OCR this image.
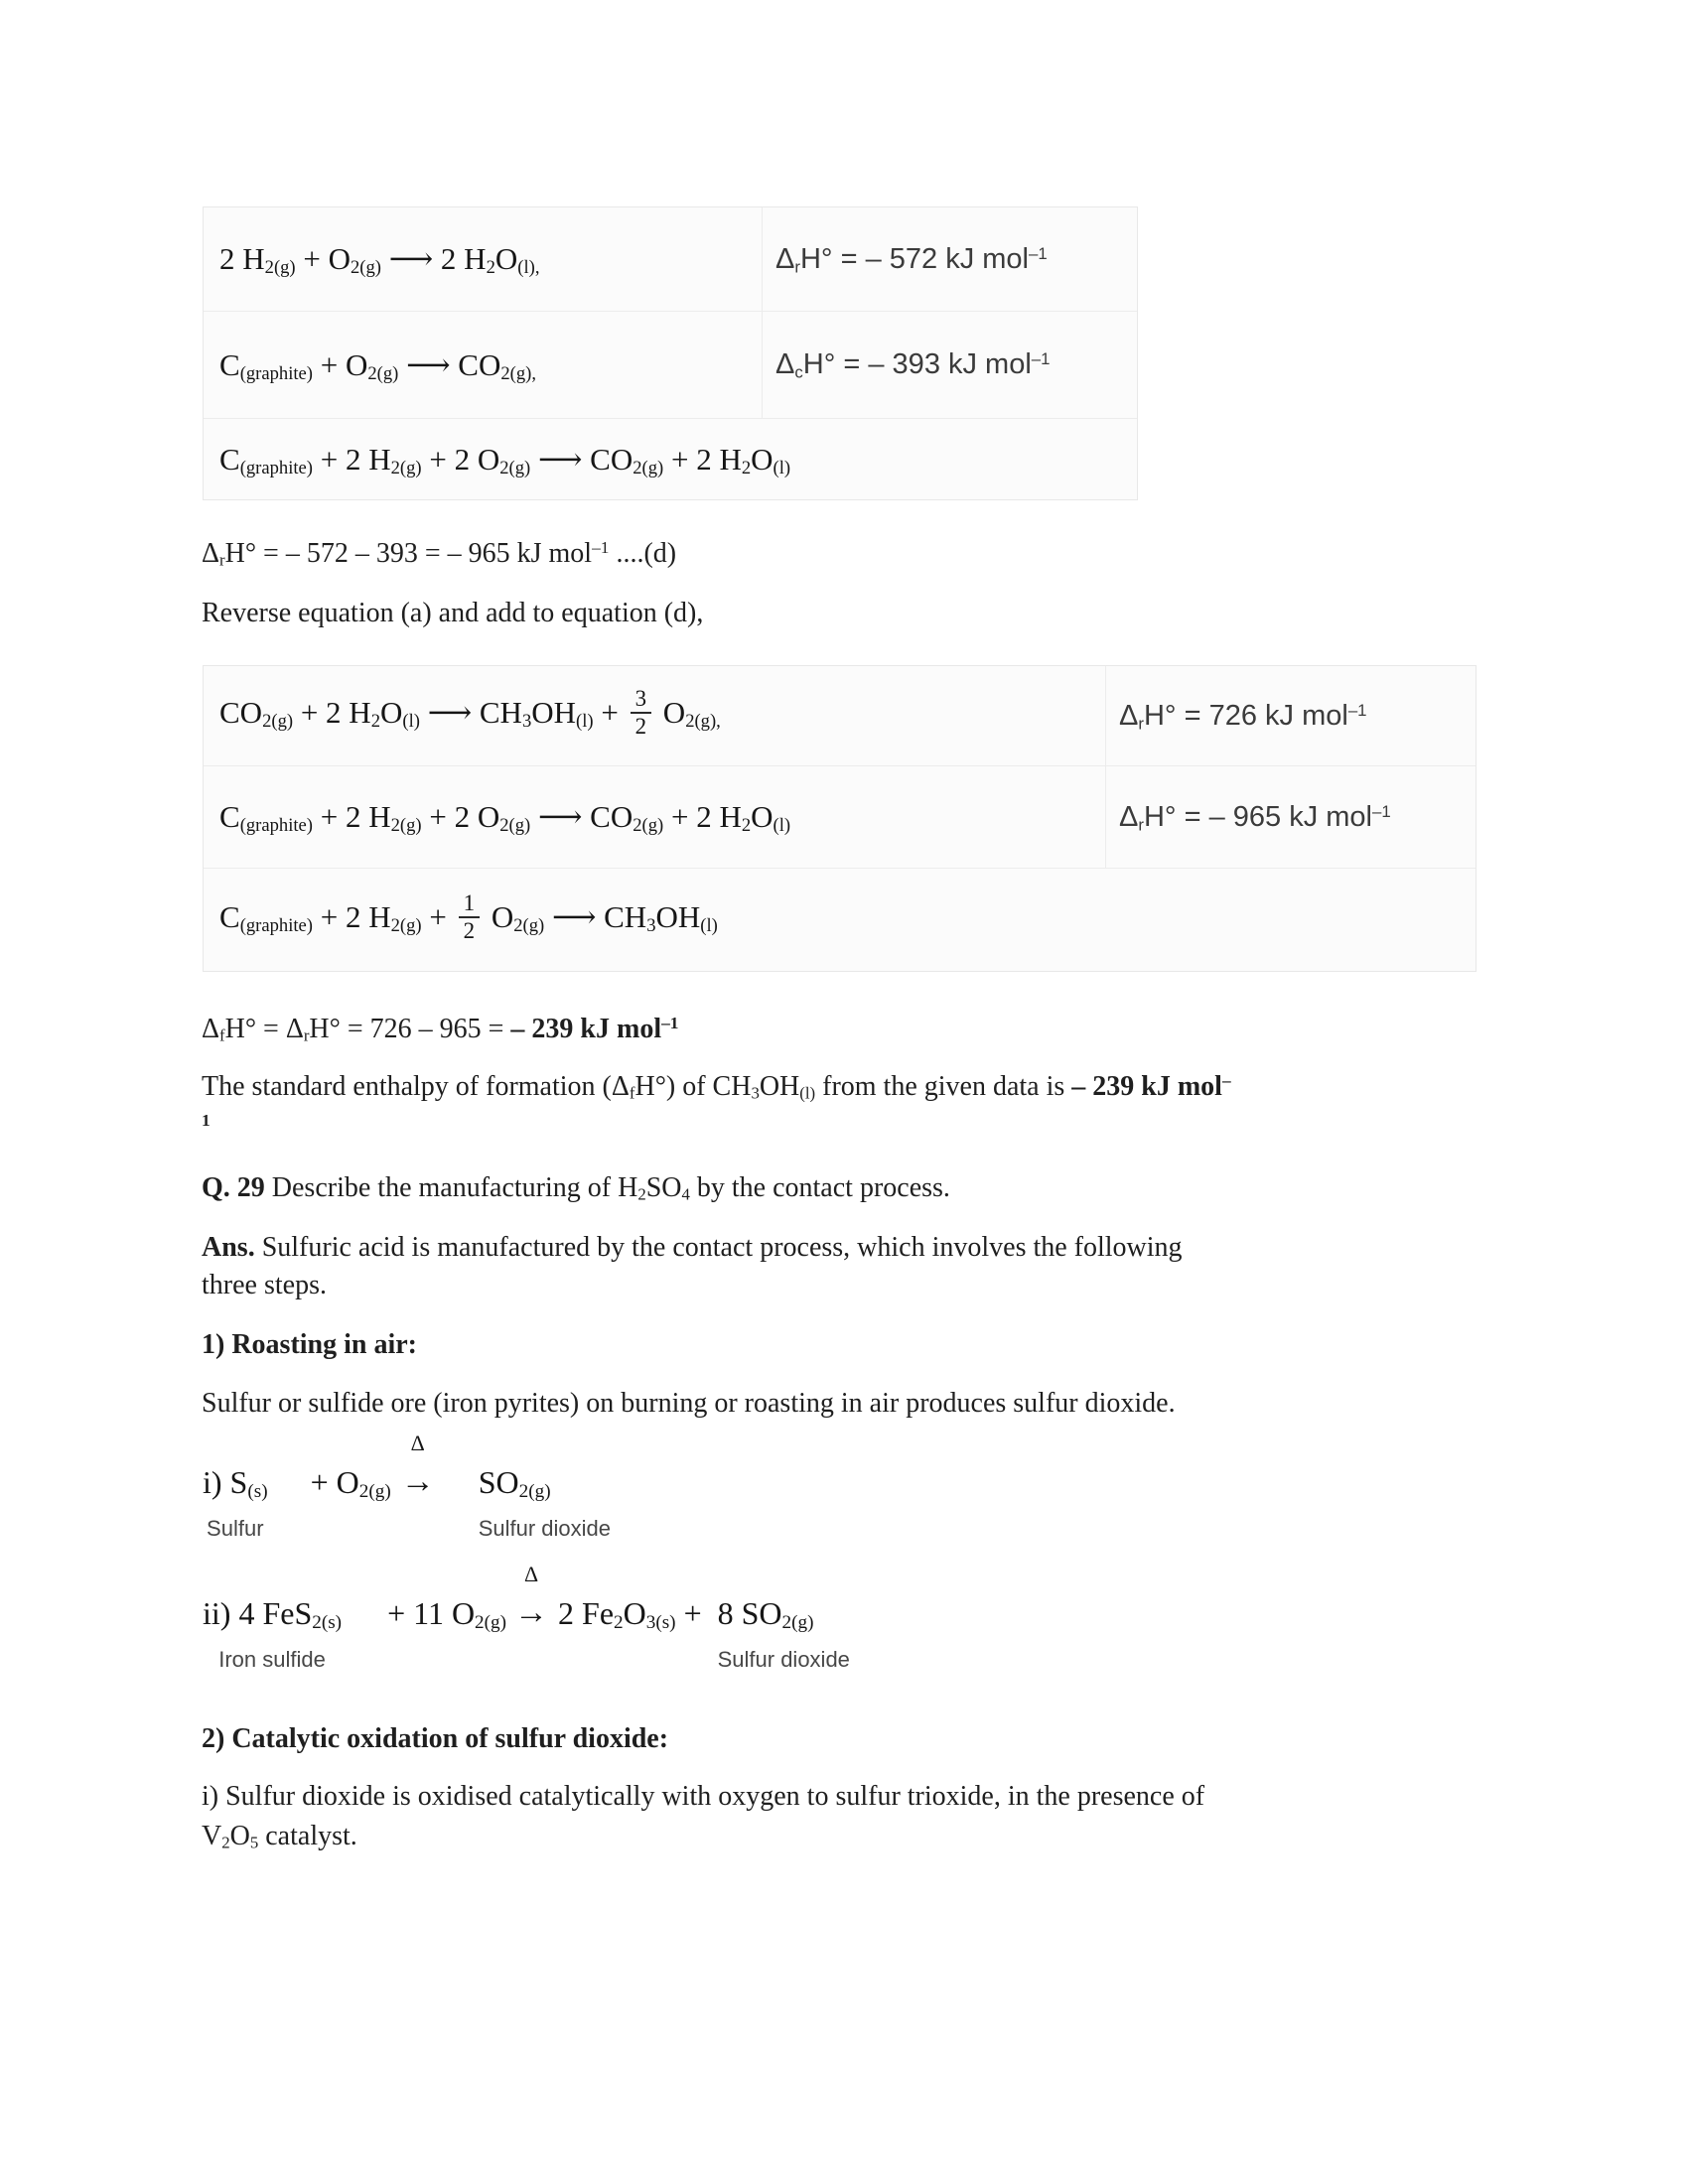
2 $H_{2(g)} + O_{2(g)}$ ⟶ 2 $H_2O_{(l),}$	$\Delta_rH^\circ$ = – 572 kJ mol$^{-1}$
$C_{(graphite)} + O_{2(g)}$ ⟶ $CO_{2(g),}$	$\Delta_cH^\circ$ = – 393 kJ mol$^{-1}$
$C_{(graphite)} + 2$ $H_{2(g)} + 2$ $O_{2(g)}$ ⟶ $CO_{2(g)} + 2$ $H_2O_{(l)}$
$\Delta_rH^\circ$ = – 572 – 393 = – 965 kJ mol$^{-1}$ ....(d)
Reverse equation (a) and add to equation (d),
$CO_{2(g)} + 2$ $H_2O_{(l)}$ ⟶ $CH_3OH_{(l)} + \frac{3}{2} O_{2(g),}$	$\Delta_rH^\circ = 726$ kJ mol$^{-1}$
$C_{(graphite)} + 2$ $H_{2(g)} + 2$ $O_{2(g)}$ ⟶ $CO_{2(g)} + 2$ $H_2O_{(l)}$	$\Delta_rH^\circ$ = – 965 kJ mol$^{-1}$
$C_{(graphite)} + 2$ $H_{2(g)} + \frac{1}{2} O_{2(g)}$ ⟶ $CH_3OH_{(l)}$
$\Delta_fH^\circ = \Delta_rH^\circ = 726 - 965$ = – 239 kJ mol$^{-1}$
The standard enthalpy of formation $(\Delta_fH^\circ)$ of $CH_3OH_{(l)}$ from the given data is – 239 kJ mol–
$^1$
Q. 29 Describe the manufacturing of $H_2SO_4$ by the contact process.
Ans. Sulfuric acid is manufactured by the contact process, which involves the following
three steps.
1) Roasting in air:
Sulfur or sulfide ore (iron pyrites) on burning or roasting in air produces sulfur dioxide.
i) $S_{(s)}$
Sulfur
+ $O_{2(g)}$
Δ
→ $SO_{2(g)}$
Sulfur dioxide
ii) 4 FeS$_{2(s)}$
Iron sulfide
+ 11 $O_{2(g)}$
Δ
→ 2 $Fe_2O_{3(s)} + 8$ $SO_{2(g)}$
Sulfur dioxide
2) Catalytic oxidation of sulfur dioxide:
i) Sulfur dioxide is oxidised catalytically with oxygen to sulfur trioxide, in the presence of
$V_2O_5$ catalyst.
